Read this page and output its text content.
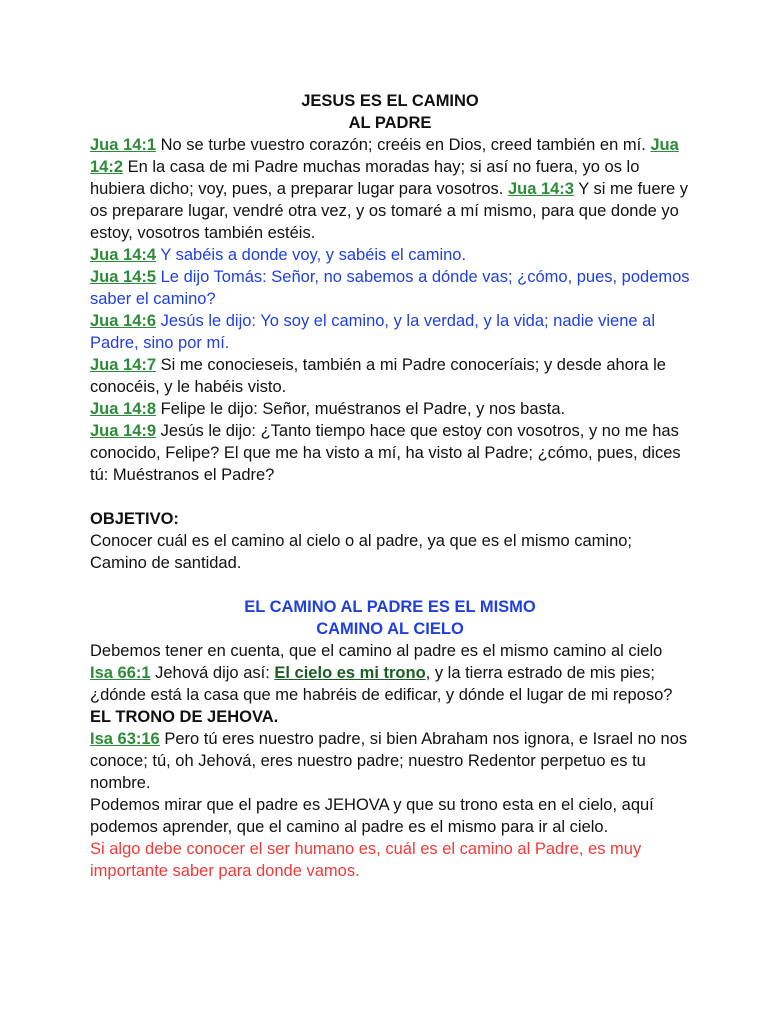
JESUS ES EL CAMINO
AL PADRE

Jua 14:1 No se turbe vuestro corazón; creéis en Dios, creed también en mí. Jua 14:2 En la casa de mi Padre muchas moradas hay; si así no fuera, yo os lo hubiera dicho; voy, pues, a preparar lugar para vosotros. Jua 14:3 Y si me fuere y os preparare lugar, vendré otra vez, y os tomaré a mí mismo, para que donde yo estoy, vosotros también estéis.

Jua 14:4 Y sabéis a donde voy, y sabéis el camino.

Jua 14:5 Le dijo Tomás: Señor, no sabemos a dónde vas; ¿cómo, pues, podemos saber el camino?

Jua 14:6 Jesús le dijo: Yo soy el camino, y la verdad, y la vida; nadie viene al Padre, sino por mí.

Jua 14:7 Si me conocieseis, también a mi Padre conoceríais; y desde ahora le conocéis, y le habéis visto.

Jua 14:8 Felipe le dijo: Señor, muéstranos el Padre, y nos basta.

Jua 14:9 Jesús le dijo: ¿Tanto tiempo hace que estoy con vosotros, y no me has conocido, Felipe? El que me ha visto a mí, ha visto al Padre; ¿cómo, pues, dices tú: Muéstranos el Padre?

OBJETIVO:

Conocer cuál es el camino al cielo o al padre, ya que es el mismo camino; Camino de santidad.

EL CAMINO AL PADRE ES EL MISMO
CAMINO AL CIELO

Debemos tener en cuenta, que el camino al padre es el mismo camino al cielo

Isa 66:1 Jehová dijo así: El cielo es mi trono, y la tierra estrado de mis pies; ¿dónde está la casa que me habréis de edificar, y dónde el lugar de mi reposo?

EL TRONO DE JEHOVA.

Isa 63:16 Pero tú eres nuestro padre, si bien Abraham nos ignora, e Israel no nos conoce; tú, oh Jehová, eres nuestro padre; nuestro Redentor perpetuo es tu nombre.

Podemos mirar que el padre es JEHOVA y que su trono esta en el cielo, aquí podemos aprender, que el camino al padre es el mismo para ir al cielo.

Si algo debe conocer el ser humano es, cuál es el camino al Padre, es muy importante saber para donde vamos.
